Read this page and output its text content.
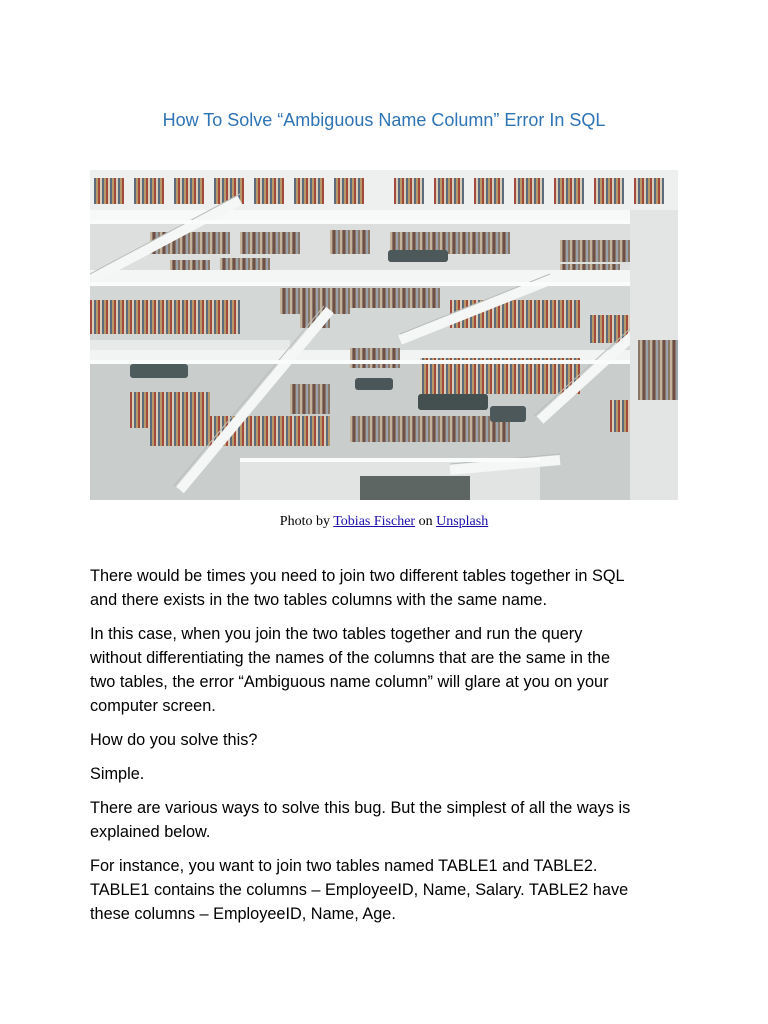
How To Solve “Ambiguous Name Column” Error In SQL
Photo by Tobias Fischer on Unsplash

There would be times you need to join two different tables together in SQL
and there exists in the two tables columns with the same name.

In this case, when you join the two tables together and run the query
without differentiating the names of the columns that are the same in the
two tables, the error “Ambiguous name column” will glare at you on your
computer screen.

How do you solve this?

Simple.

There are various ways to solve this bug. But the simplest of all the ways is
explained below.

For instance, you want to join two tables named TABLE1 and TABLE2.
TABLE1 contains the columns – EmployeeID, Name, Salary. TABLE2 have
these columns – EmployeeID, Name, Age.
